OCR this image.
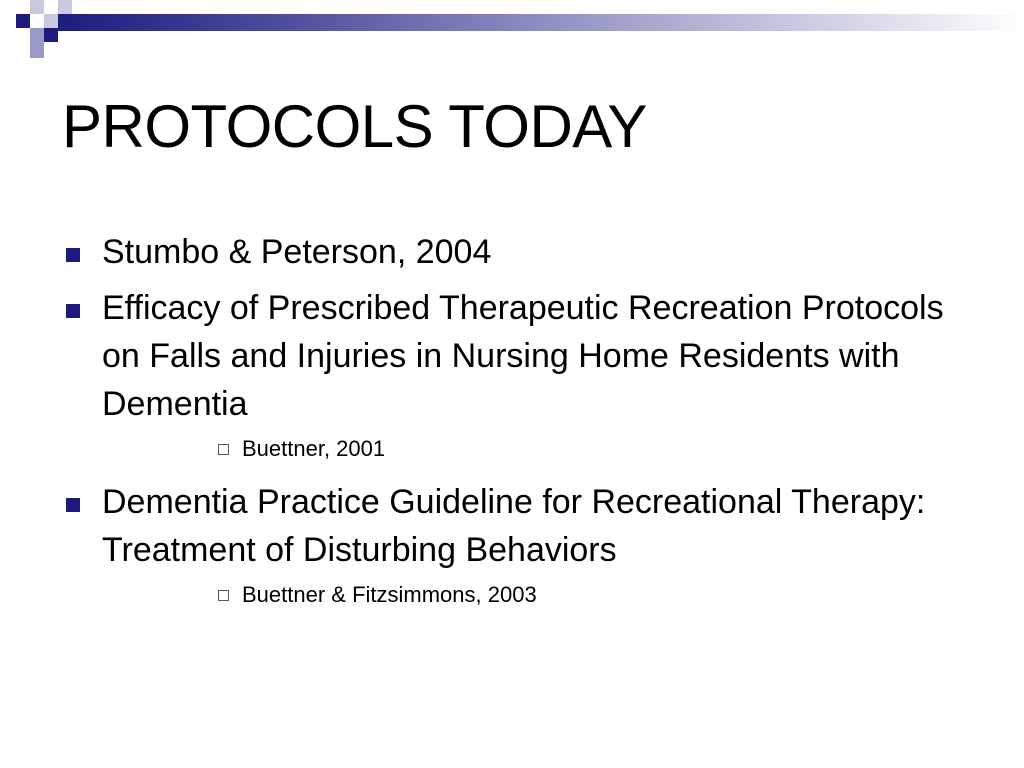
PROTOCOLS TODAY
Stumbo & Peterson, 2004
Efficacy of Prescribed Therapeutic Recreation Protocols on Falls and Injuries in Nursing Home Residents with Dementia
Buettner, 2001
Dementia Practice Guideline for Recreational Therapy: Treatment of Disturbing Behaviors
Buettner & Fitzsimmons, 2003
